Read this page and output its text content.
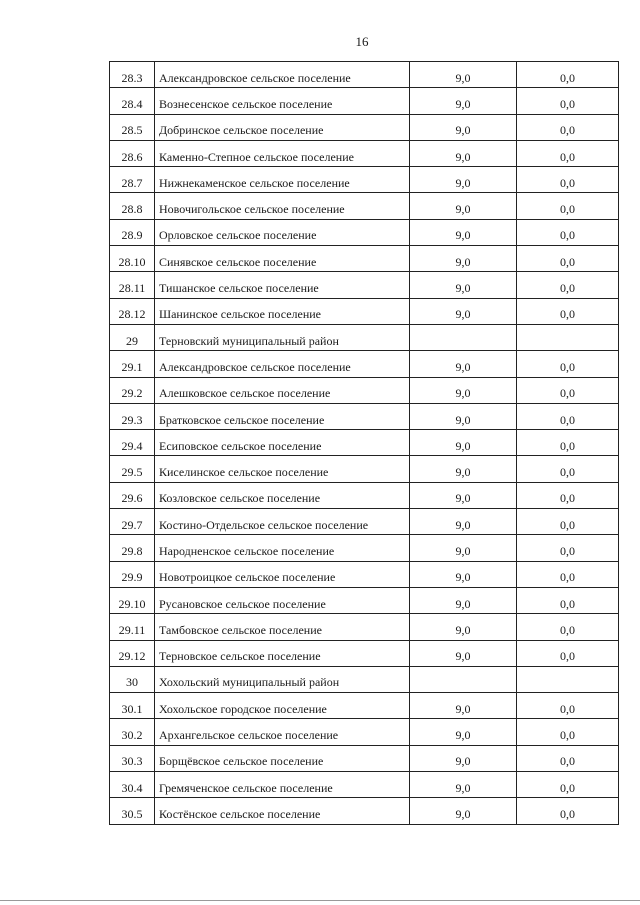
16
28.3	Александровское сельское поселение	9,0	0,0
28.4	Вознесенское сельское поселение	9,0	0,0
28.5	Добринское сельское поселение	9,0	0,0
28.6	Каменно-Степное сельское поселение	9,0	0,0
28.7	Нижнекаменское сельское поселение	9,0	0,0
28.8	Новочигольское сельское поселение	9,0	0,0
28.9	Орловское сельское поселение	9,0	0,0
28.10	Синявское сельское поселение	9,0	0,0
28.11	Тишанское сельское поселение	9,0	0,0
28.12	Шанинское сельское поселение	9,0	0,0
29	Терновский муниципальный район		
29.1	Александровское сельское поселение	9,0	0,0
29.2	Алешковское сельское поселение	9,0	0,0
29.3	Братковское сельское поселение	9,0	0,0
29.4	Есиповское сельское поселение	9,0	0,0
29.5	Киселинское сельское поселение	9,0	0,0
29.6	Козловское сельское поселение	9,0	0,0
29.7	Костино-Отдельское сельское поселение	9,0	0,0
29.8	Народненское сельское поселение	9,0	0,0
29.9	Новотроицкое сельское поселение	9,0	0,0
29.10	Русановское сельское поселение	9,0	0,0
29.11	Тамбовское сельское поселение	9,0	0,0
29.12	Терновское сельское поселение	9,0	0,0
30	Хохольский муниципальный район		
30.1	Хохольское городское поселение	9,0	0,0
30.2	Архангельское сельское поселение	9,0	0,0
30.3	Борщёвское сельское поселение	9,0	0,0
30.4	Гремяченское сельское поселение	9,0	0,0
30.5	Костёнское сельское поселение	9,0	0,0
